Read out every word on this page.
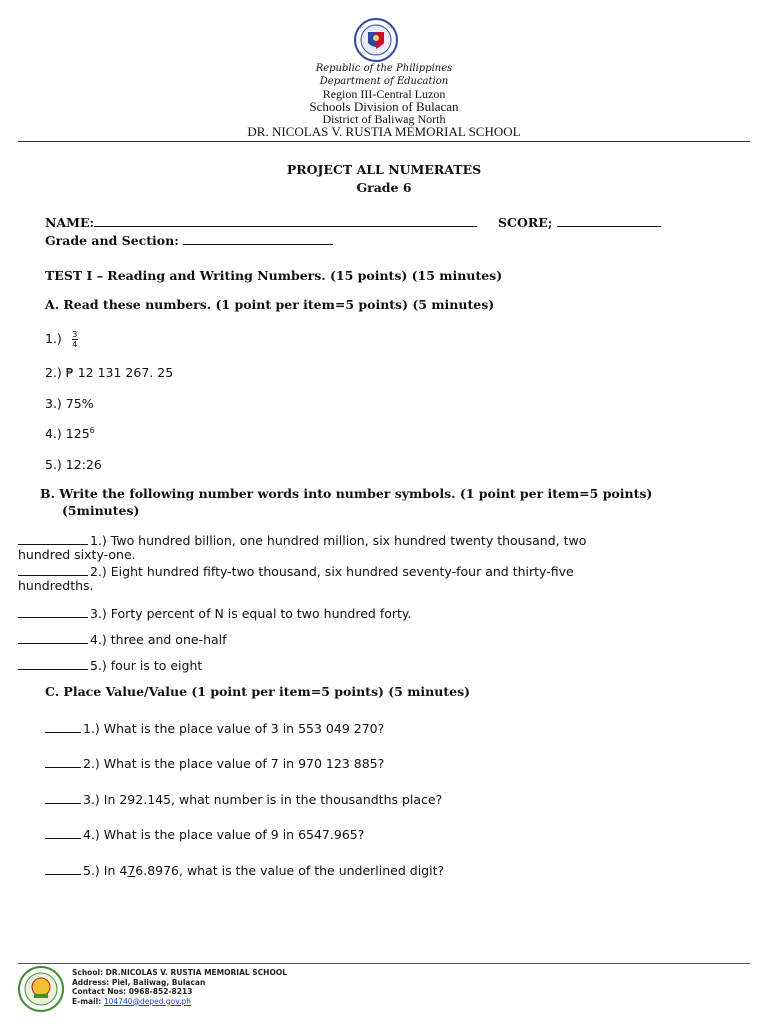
Republic of the Philippines
Department of Education
Region III-Central Luzon
Schools Division of Bulacan
District of Baliwag North
DR. NICOLAS V. RUSTIA MEMORIAL SCHOOL
PROJECT ALL NUMERATES
Grade 6
NAME:	SCORE;
Grade and Section:
TEST I – Reading and Writing Numbers. (15 points) (15 minutes)
A. Read these numbers. (1 point per item=5 points) (5 minutes)
$1.) \frac{3}{4}$
2.) ₱ 12 131 267. 25
3.) 75%
4.) $125^6$
5.) 12:26
B. Write the following number words into number symbols. (1 point per item=5 points)
(5minutes)
1.) Two hundred billion, one hundred million, six hundred twenty thousand, two
hundred sixty-one.
2.) Eight hundred fifty-two thousand, six hundred seventy-four and thirty-five
hundredths.
3.) Forty percent of N is equal to two hundred forty.
4.) three and one-half
5.) four is to eight
C. Place Value/Value (1 point per item=5 points) (5 minutes)
1.) What is the place value of 3 in 553 049 270?
2.) What is the place value of 7 in 970 123 885?
3.) In 292.145, what number is in the thousandths place?
4.) What is the place value of 9 in 6547.965?
5.) In 476.8976, what is the value of the underlined digit?
School: DR.NICOLAS V. RUSTIA MEMORIAL SCHOOL
Address: Piel, Baliwag, Bulacan
Contact Nos: 0968-852-8213
E-mail: 104740@deped.gov.ph
